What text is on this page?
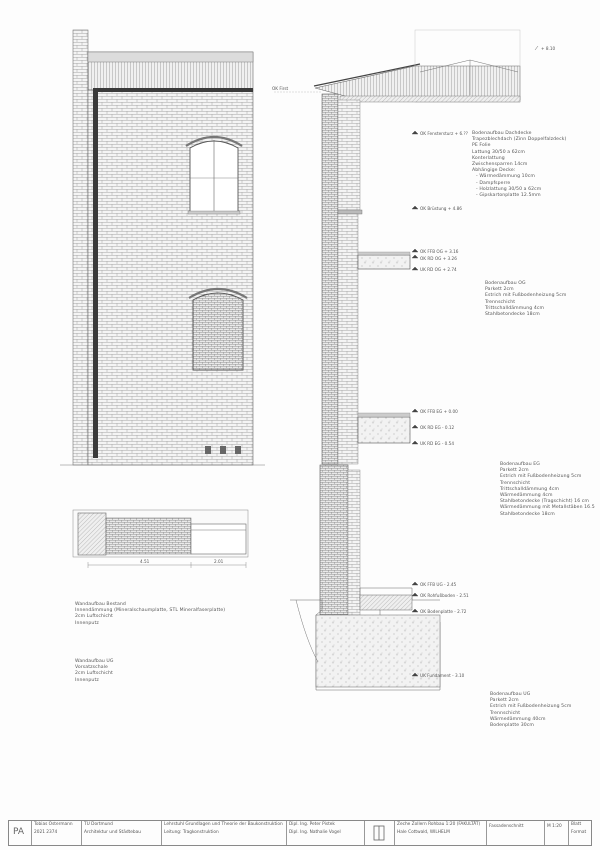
+ 8.10
OK Fenstersturz + 6.??
OK Brüstung + 4.86
OK FFB OG + 3.16
OK RD OG + 3.26
UK RD OG + 2.74
OK FFB EG + 0.00
OK RD EG - 0.12
UK RD EG - 0.54
OK FFB UG - 2.45
OK Rohfußboden - 2.51
OK Bodenplatte - 2.72
UK Fundament - 3.10
OK First
4.51	2.01
Bodenaufbau Dachdecke
Trapezblechdach (Zinn Doppelfalzdeck)
PE Folie
Lattung 30/50 a 62cm
Konterlattung
Zwischensparren 14cm
Abhängige Decke:
- Wärmedämmung 10cm
- Dampfsperre
- Holzlattung 30/50 a 62cm
- Gipskartonplatte 12.5mm
Bodenaufbau OG
Parkett 2cm
Estrich mit Fußbodenheizung 5cm
Trennschicht
Trittschalldämmung 4cm
Stahlbetondecke 18cm
Bodenaufbau EG
Parkett 2cm
Estrich mit Fußbodenheizung 5cm
Trennschicht
Trittschalldämmung 4cm
Wärmedämmung 4cm
Stahlbetondecke (Tragschicht) 16 cm
Wärmedämmung mit Metallstäben 16.5
Stahlbetondecke 18cm
Bodenaufbau UG
Parkett 2cm
Estrich mit Fußbodenheizung 5cm
Trennschicht
Wärmedämmung 40cm
Bodenplatte 30cm
Wandaufbau Bestand
Innendämmung (Mineralschaumplatte, STL Mineralfaserplatte)
2cm Luftschicht
Innenputz
Wandaufbau UG
Vorsatzschale
2cm Luftschicht
Innenputz
PA
Tobias Ostermann
2021 2374
TU Dortmund
Architektur und Städtebau
Lehrstuhl Grundlagen und Theorie der Baukonstruktion
Leitung: Tragkonstruktion
Dipl. Ing. Peter Pistek
Dipl. Ing. Nathalie Vogel
Zeche Zollern Rohbau 1:20 (FAKULTÄT)
Hale Cottwald, WILHELM
Fassadenschnitt	M 1:20	Blatt
Format
